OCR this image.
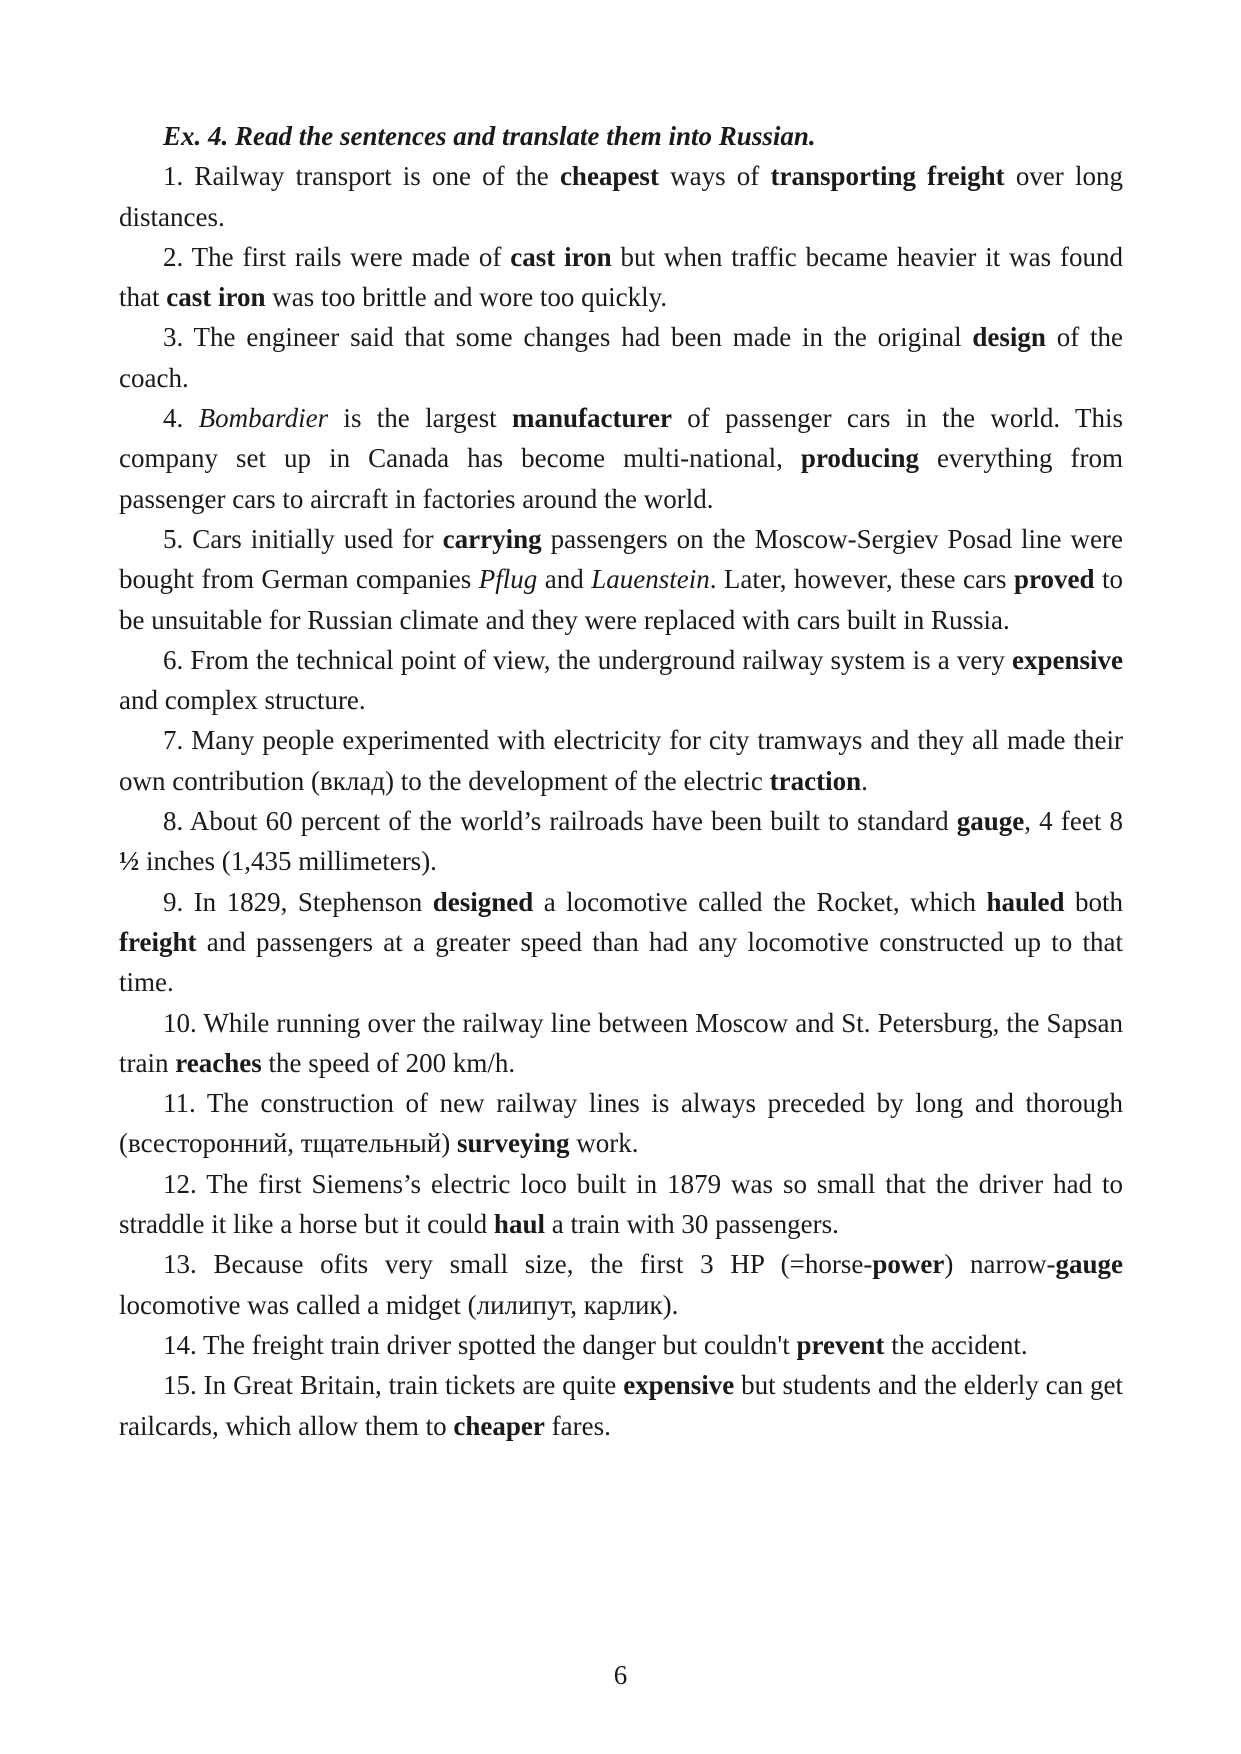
Ex. 4. Read the sentences and translate them into Russian.

1. Railway transport is one of the cheapest ways of transporting freight over long distances.

2. The first rails were made of cast iron but when traffic became heavier it was found that cast iron was too brittle and wore too quickly.

3. The engineer said that some changes had been made in the original design of the coach.

4. Bombardier is the largest manufacturer of passenger cars in the world. This company set up in Canada has become multi-national, producing everything from passenger cars to aircraft in factories around the world.

5. Cars initially used for carrying passengers on the Moscow-Sergiev Posad line were bought from German companies Pflug and Lauenstein. Later, however, these cars proved to be unsuitable for Russian climate and they were replaced with cars built in Russia.

6. From the technical point of view, the underground railway system is a very expensive and complex structure.

7. Many people experimented with electricity for city tramways and they all made their own contribution (вклад) to the development of the electric traction.

8. About 60 percent of the world’s railroads have been built to standard gauge, 4 feet 8 ½ inches (1,435 millimeters).

9. In 1829, Stephenson designed a locomotive called the Rocket, which hauled both freight and passengers at a greater speed than had any locomotive constructed up to that time.

10. While running over the railway line between Moscow and St. Petersburg, the Sapsan train reaches the speed of 200 km/h.

11. The construction of new railway lines is always preceded by long and thorough (всесторонний, тщательный) surveying work.

12. The first Siemens’s electric loco built in 1879 was so small that the driver had to straddle it like a horse but it could haul a train with 30 passengers.

13. Because ofits very small size, the first 3 HP (=horse-power) narrow-gauge locomotive was called a midget (лилипут, карлик).

14. The freight train driver spotted the danger but couldn't prevent the accident.

15. In Great Britain, train tickets are quite expensive but students and the elderly can get railcards, which allow them to cheaper fares.

6
